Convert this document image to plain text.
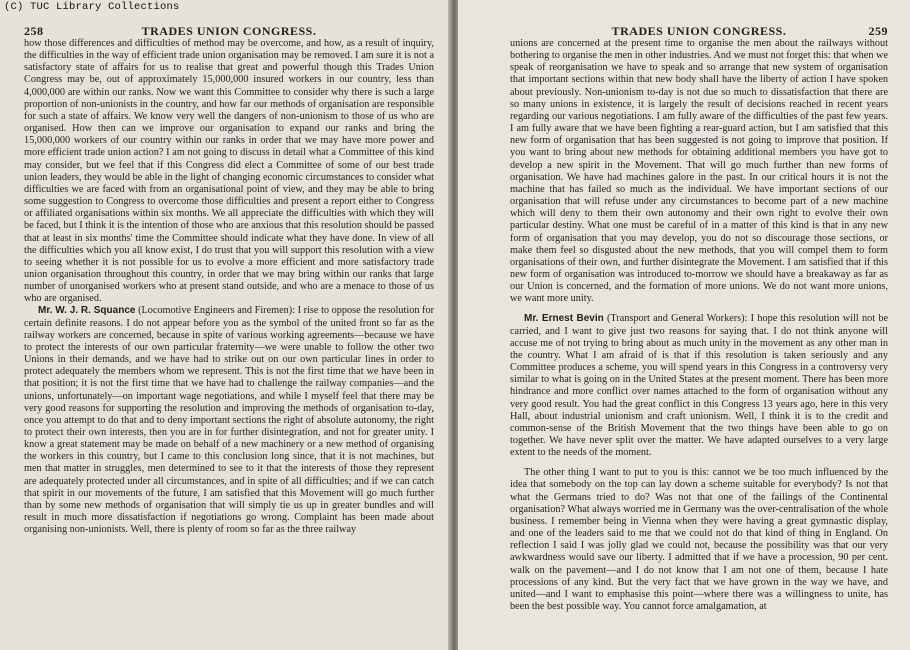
(C) TUC Library Collections
258	TRADES UNION CONGRESS.

how those differences and difficulties of method may be overcome, and how, as a result of inquiry, the difficulties in the way of efficient trade union organisation may be removed. I am sure it is not a satisfactory state of affairs for us to realise that great and powerful though this Trades Union Congress may be, out of approximately 15,000,000 insured workers in our country, less than 4,000,000 are within our ranks. Now we want this Committee to consider why there is such a large proportion of non-unionists in the country, and how far our methods of organisation are responsible for such a state of affairs. We know very well the dangers of non-unionism to those of us who are organised. How then can we improve our organisation to expand our ranks and bring the 15,000,000 workers of our country within our ranks in order that we may have more power and more efficient trade union action? I am not going to discuss in detail what a Committee of this kind may consider, but we feel that if this Congress did elect a Committee of some of our best trade union leaders, they would be able in the light of changing economic circumstances to consider what difficulties we are faced with from an organisational point of view, and they may be able to bring some suggestion to Congress to overcome those difficulties and present a report either to Congress or affiliated organisations within six months. We all appreciate the difficulties with which they will be faced, but I think it is the intention of those who are anxious that this resolution should be passed that at least in six months' time the Committee should indicate what they have done. In view of all the difficulties which you all know exist, I do trust that you will support this resolution with a view to seeing whether it is not possible for us to evolve a more efficient and more satisfactory trade union organisation throughout this country, in order that we may bring within our ranks that large number of unorganised workers who at present stand outside, and who are a menace to those of us who are organised.

Mr. W. J. R. Squance (Locomotive Engineers and Firemen): I rise to oppose the resolution for certain definite reasons. I do not appear before you as the symbol of the united front so far as the railway workers are concerned, because in spite of various working agreements—because we have to protect the interests of our own particular fraternity—we were unable to follow the other two Unions in their demands, and we have had to strike out on our own particular lines in order to protect adequately the members whom we represent. This is not the first time that we have been in that position; it is not the first time that we have had to challenge the railway companies—and the unions, unfortunately—on important wage negotiations, and while I myself feel that there may be very good reasons for supporting the resolution and improving the methods of organisation to-day, once you attempt to do that and to deny important sections the right of absolute autonomy, the right to protect their own interests, then you are in for further disintegration, and not for greater unity. I know a great statement may be made on behalf of a new machinery or a new method of organising the workers in this country, but I came to this conclusion long since, that it is not machines, but men that matter in struggles, men determined to see to it that the interests of those they represent are adequately protected under all circumstances, and in spite of all difficulties; and if we can catch that spirit in our movements of the future, I am satisfied that this Movement will go much further than by some new methods of organisation that will simply tie us up in greater bundles and will result in much more dissatisfaction if negotiations go wrong. Complaint has been made about organising non-unionists. Well, there is plenty of room so far as the three railway

TRADES UNION CONGRESS.	259

unions are concerned at the present time to organise the men about the railways without bothering to organise the men in other industries. And we must not forget this: that when we speak of reorganisation we have to speak and so arrange that new system of organisation that important sections within that new body shall have the liberty of action I have spoken about previously. Non-unionism to-day is not due so much to dissatisfaction that there are so many unions in existence, it is largely the result of decisions reached in recent years regarding our various negotiations. I am fully aware of the difficulties of the past few years. I am fully aware that we have been fighting a rear-guard action, but I am satisfied that this new form of organisation that has been suggested is not going to improve that position. If you want to bring about new methods for obtaining additional members you have got to develop a new spirit in the Movement. That will go much further than new forms of organisation. We have had machines galore in the past. In our critical hours it is not the machine that has failed so much as the individual. We have important sections of our organisation that will refuse under any circumstances to become part of a new machine which will deny to them their own autonomy and their own right to evolve their own particular destiny. What one must be careful of in a matter of this kind is that in any new form of organisation that you may develop, you do not so discourage those sections, or make them feel so disgusted about the new methods, that you will compel them to form organisations of their own, and further disintegrate the Movement. I am satisfied that if this new form of organisation was introduced to-morrow we should have a breakaway as far as our Union is concerned, and the formation of more unions. We do not want more unions, we want more unity.

Mr. Ernest Bevin (Transport and General Workers): I hope this resolution will not be carried, and I want to give just two reasons for saying that. I do not think anyone will accuse me of not trying to bring about as much unity in the movement as any other man in the country. What I am afraid of is that if this resolution is taken seriously and any Committee produces a scheme, you will spend years in this Congress in a controversy very similar to what is going on in the United States at the present moment. There has been more hindrance and more conflict over names attached to the form of organisation without any very good result. You had the great conflict in this Congress 13 years ago, here in this very Hall, about industrial unionism and craft unionism. Well, I think it is to the credit and common-sense of the British Movement that the two things have been able to go on together. We have never split over the matter. We have adapted ourselves to a very large extent to the needs of the moment.

The other thing I want to put to you is this: cannot we be too much influenced by the idea that somebody on the top can lay down a scheme suitable for everybody? Is not that what the Germans tried to do? Was not that one of the failings of the Continental organisation? What always worried me in Germany was the over-centralisation of the whole business. I remember being in Vienna when they were having a great gymnastic display, and one of the leaders said to me that we could not do that kind of thing in England. On reflection I said I was jolly glad we could not, because the possibility was that our very awkwardness would save our liberty. I admitted that if we have a procession, 90 per cent. walk on the pavement—and I do not know that I am not one of them, because I hate processions of any kind. But the very fact that we have grown in the way we have, and united—and I want to emphasise this point—where there was a willingness to unite, has been the best possible way. You cannot force amalgamation, at
